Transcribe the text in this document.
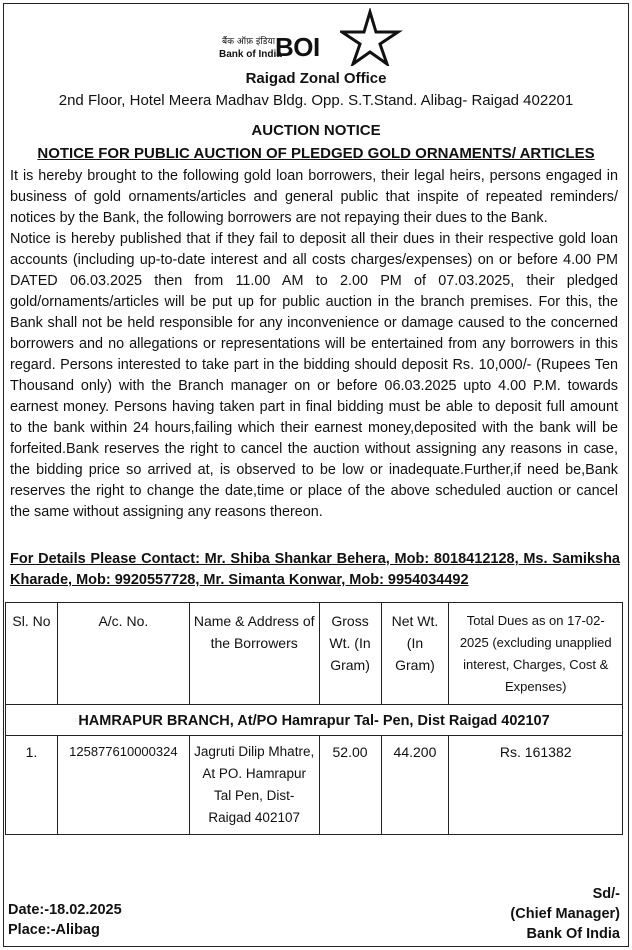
बैंक ऑफ़ इंडिया
Bank of India
BOI
Raigad Zonal Office
2nd Floor, Hotel Meera Madhav Bldg. Opp. S.T.Stand. Alibag- Raigad 402201
AUCTION NOTICE
NOTICE FOR PUBLIC AUCTION OF PLEDGED GOLD ORNAMENTS/ ARTICLES

It is hereby brought to the following gold loan borrowers, their legal heirs, persons engaged in business of gold ornaments/articles and general public that inspite of repeated reminders/ notices by the Bank, the following borrowers are not repaying their dues to the Bank.

Notice is hereby published that if they fail to deposit all their dues in their respective gold loan accounts (including up-to-date interest and all costs charges/expenses) on or before 4.00 PM DATED 06.03.2025 then from 11.00 AM to 2.00 PM of 07.03.2025, their pledged gold/ornaments/articles will be put up for public auction in the branch premises. For this, the Bank shall not be held responsible for any inconvenience or damage caused to the concerned borrowers and no allegations or representations will be entertained from any borrowers in this regard. Persons interested to take part in the bidding should deposit Rs. 10,000/- (Rupees Ten Thousand only) with the Branch manager on or before 06.03.2025 upto 4.00 P.M. towards earnest money. Persons having taken part in final bidding must be able to deposit full amount to the bank within 24 hours,failing which their earnest money,deposited with the bank will be forfeited.Bank reserves the right to cancel the auction without assigning any reasons in case, the bidding price so arrived at, is observed to be low or inadequate.Further,if need be,Bank reserves the right to change the date,time or place of the above scheduled auction or cancel the same without assigning any reasons thereon.

For Details Please Contact: Mr. Shiba Shankar Behera, Mob: 8018412128, Ms. Samiksha Kharade, Mob: 9920557728, Mr. Simanta Konwar, Mob: 9954034492
Sl. No	A/c. No.	Name & Address of the Borrowers	Gross Wt. (In Gram)	Net Wt. (In Gram)	Total Dues as on 17-02-2025 (excluding unapplied interest, Charges, Cost & Expenses)
HAMRAPUR BRANCH, At/PO Hamrapur Tal- Pen, Dist Raigad 402107					
1.	125877610000324	Jagruti Dilip Mhatre, At PO. Hamrapur Tal Pen, Dist-Raigad 402107	52.00	44.200	Rs. 161382
Date:-18.02.2025
Place:-Alibag
Sd/-
(Chief Manager)
Bank Of India
